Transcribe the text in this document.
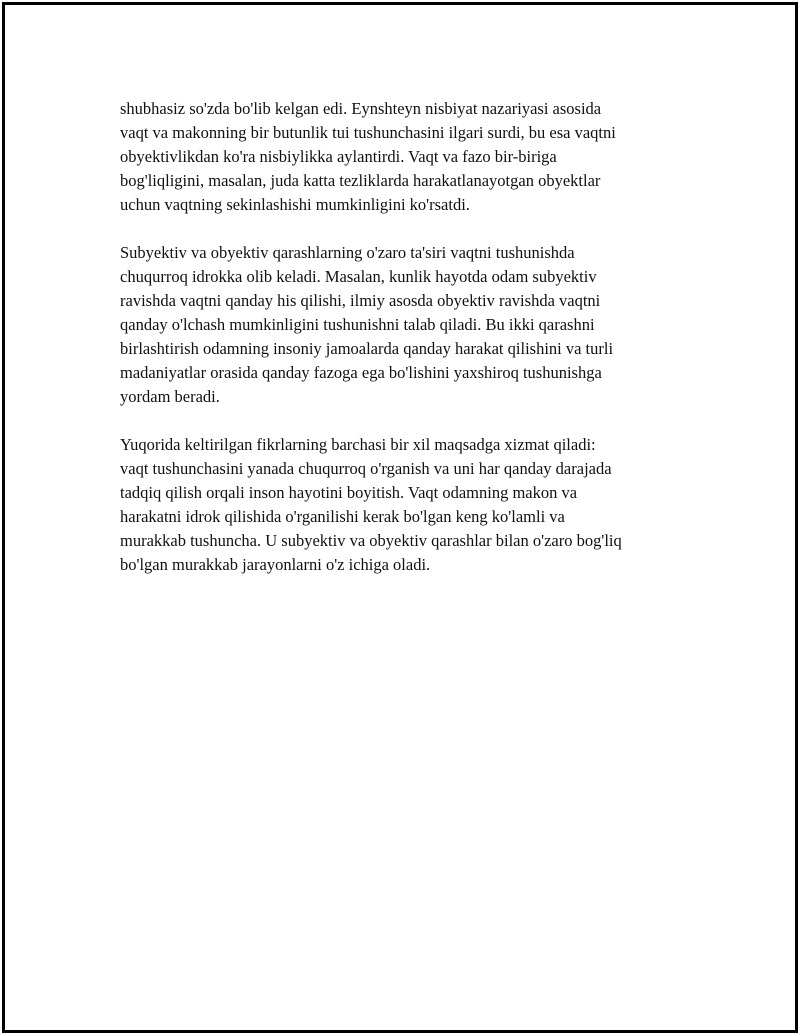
shubhasiz so'zda bo'lib kelgan edi. Eynshteyn nisbiyat nazariyasi asosida
vaqt va makonning bir butunlik tui tushunchasini ilgari surdi, bu esa vaqtni
obyektivlikdan ko'ra nisbiylikka aylantirdi. Vaqt va fazo bir-biriga
bog'liqligini, masalan, juda katta tezliklarda harakatlanayotgan obyektlar
uchun vaqtning sekinlashishi mumkinligini ko'rsatdi.

Subyektiv va obyektiv qarashlarning o'zaro ta'siri vaqtni tushunishda
chuqurroq idrokka olib keladi. Masalan, kunlik hayotda odam subyektiv
ravishda vaqtni qanday his qilishi, ilmiy asosda obyektiv ravishda vaqtni
qanday o'lchash mumkinligini tushunishni talab qiladi. Bu ikki qarashni
birlashtirish odamning insoniy jamoalarda qanday harakat qilishini va turli
madaniyatlar orasida qanday fazoga ega bo'lishini yaxshiroq tushunishga
yordam beradi.

Yuqorida keltirilgan fikrlarning barchasi bir xil maqsadga xizmat qiladi:
vaqt tushunchasini yanada chuqurroq o'rganish va uni har qanday darajada
tadqiq qilish orqali inson hayotini boyitish. Vaqt odamning makon va
harakatni idrok qilishida o'rganilishi kerak bo'lgan keng ko'lamli va
murakkab tushuncha. U subyektiv va obyektiv qarashlar bilan o'zaro bog'liq
bo'lgan murakkab jarayonlarni o'z ichiga oladi.
